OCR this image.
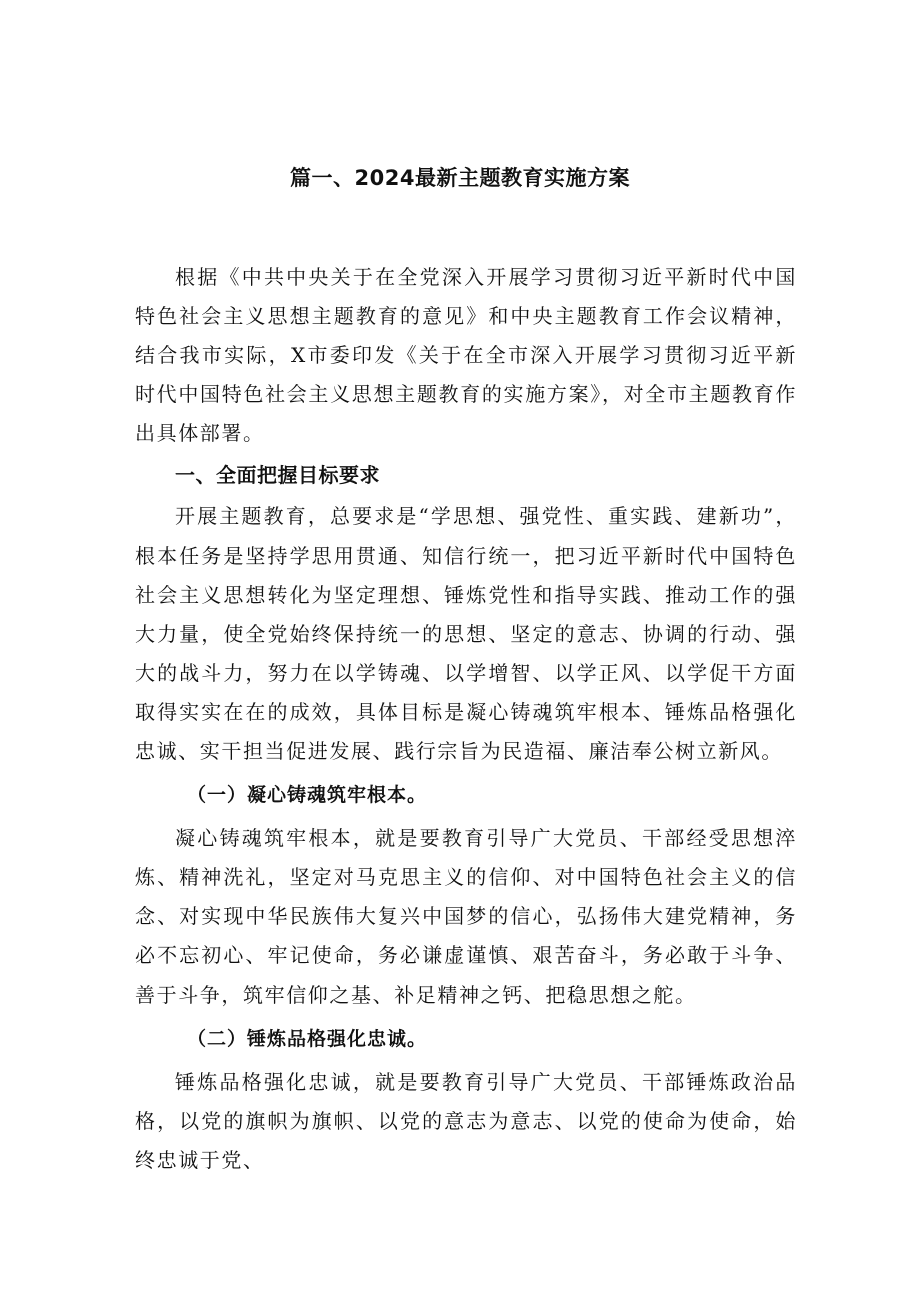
篇一、2024最新主题教育实施方案

根据《中共中央关于在全党深入开展学习贯彻习近平新时代中国特色社会主义思想主题教育的意见》和中央主题教育工作会议精神，结合我市实际，X市委印发《关于在全市深入开展学习贯彻习近平新时代中国特色社会主义思想主题教育的实施方案》，对全市主题教育作出具体部署。

一、全面把握目标要求

开展主题教育，总要求是“学思想、强党性、重实践、建新功”，根本任务是坚持学思用贯通、知信行统一，把习近平新时代中国特色社会主义思想转化为坚定理想、锤炼党性和指导实践、推动工作的强大力量，使全党始终保持统一的思想、坚定的意志、协调的行动、强大的战斗力，努力在以学铸魂、以学增智、以学正风、以学促干方面取得实实在在的成效，具体目标是凝心铸魂筑牢根本、锤炼品格强化忠诚、实干担当促进发展、践行宗旨为民造福、廉洁奉公树立新风。

（一）凝心铸魂筑牢根本。

凝心铸魂筑牢根本，就是要教育引导广大党员、干部经受思想淬炼、精神洗礼，坚定对马克思主义的信仰、对中国特色社会主义的信念、对实现中华民族伟大复兴中国梦的信心，弘扬伟大建党精神，务必不忘初心、牢记使命，务必谦虚谨慎、艰苦奋斗，务必敢于斗争、善于斗争，筑牢信仰之基、补足精神之钙、把稳思想之舵。

（二）锤炼品格强化忠诚。

锤炼品格强化忠诚，就是要教育引导广大党员、干部锤炼政治品格，以党的旗帜为旗帜、以党的意志为意志、以党的使命为使命，始终忠诚于党、
